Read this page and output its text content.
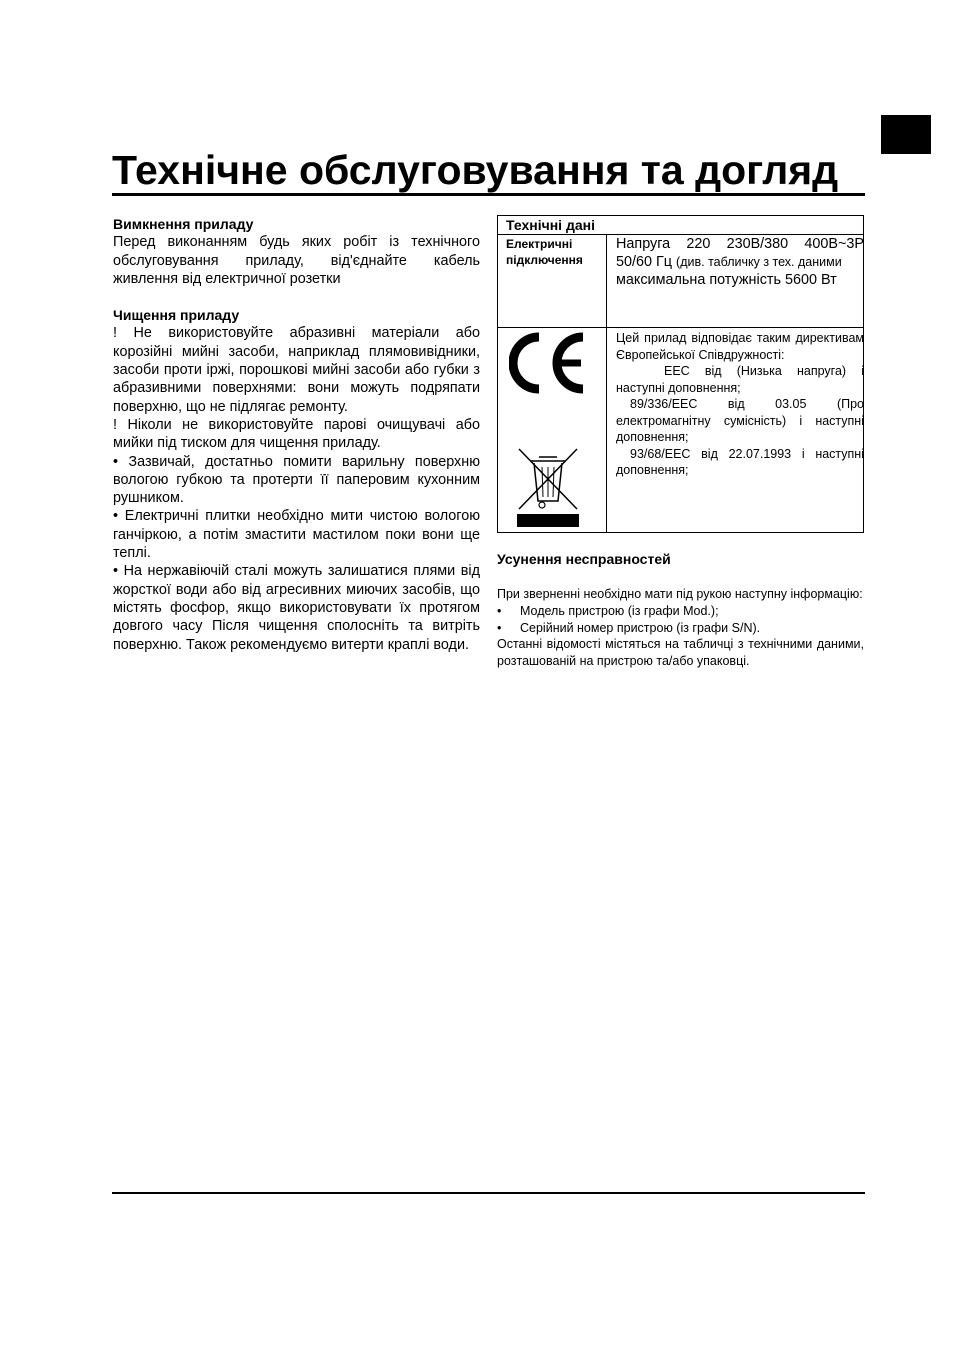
Технічне обслуговування та догляд
Вимкнення приладу

Перед виконанням будь яких робіт із технічного обслуговування приладу, від'єднайте кабель живлення від електричної розетки

Чищення приладу

! Не використовуйте абразивні матеріали або корозійні мийні засоби, наприклад плямовивідники, засоби проти іржі, порошкові мийні засоби або губки з абразивними поверхнями: вони можуть подряпати поверхню, що не підлягає ремонту.

! Ніколи не використовуйте парові очищувачі або мийки під тиском для чищення приладу.

• Зазвичай, достатньо помити варильну поверхню вологою губкою та протерти її паперовим кухонним рушником.

• Електричні плитки необхідно мити чистою вологою ганчіркою, а потім змастити мастилом поки вони ще теплі.

• На нержавіючій сталі можуть залишатися плями від жорсткої води або від агресивних миючих засобів, що містять фосфор, якщо використовувати їх протягом довгого часу Після чищення сполосніть та витріть поверхню. Також рекомендуємо витерти краплі води.

Технічні дані
Електричні підключення

Напруга 220 230В/380 400В~3Р 50/60 Гц (див. табличку з тех. даними

максимальна потужність 5600 Вт

Цей прилад відповідає таким директивам Європейської Співдружності:

EEC від (Низька напруга) і наступні доповнення;

89/336/EEC від 03.05 (Про електромагнітну сумісність) і наступні доповнення;

93/68/EEC від 22.07.1993 і наступні доповнення;

Усунення несправностей

При зверненні необхідно мати під рукою наступну інформацію:

•	Модель пристрою (із графи Mod.);
•	Серійний номер пристрою (із графи S/N).

Останні відомості містяться на табличці з технічними даними, розташованій на пристрою та/або упаковці.
